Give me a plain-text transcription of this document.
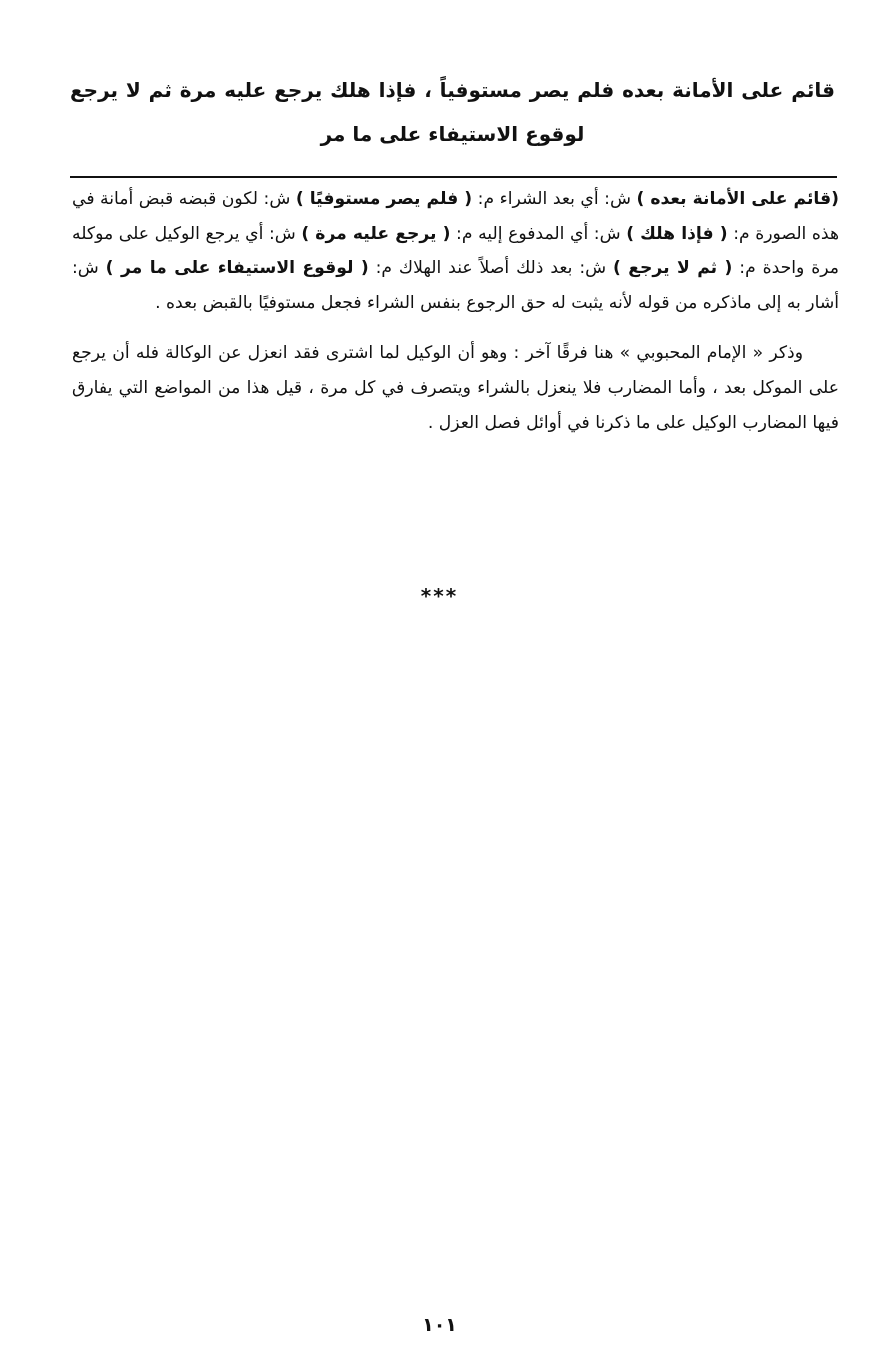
قائم على الأمانة بعده فلم يصر مستوفياً ، فإذا هلك يرجع عليه مرة ثم لا يرجع لوقوع الاستيفاء على ما مر

(قائم على الأمانة بعده ) ش: أي بعد الشراء م: ( فلم يصر مستوفيًا ) ش: لكون قبضه قبض أمانة في هذه الصورة م: ( فإذا هلك ) ش: أي المدفوع إليه م: ( يرجع عليه مرة ) ش: أي يرجع الوكيل على موكله مرة واحدة م: ( ثم لا يرجع ) ش: بعد ذلك أصلاً عند الهلاك م: ( لوقوع الاستيفاء على ما مر ) ش: أشار به إلى ماذكره من قوله لأنه يثبت له حق الرجوع بنفس الشراء فجعل مستوفيًا بالقبض بعده .

وذكر « الإمام المحبوبي » هنا فرقًا آخر : وهو أن الوكيل لما اشترى فقد انعزل عن الوكالة فله أن يرجع على الموكل بعد ، وأما المضارب فلا ينعزل بالشراء ويتصرف في كل مرة ، قيل هذا من المواضع التي يفارق فيها المضارب الوكيل على ما ذكرنا في أوائل فصل العزل .

***
١٠١
